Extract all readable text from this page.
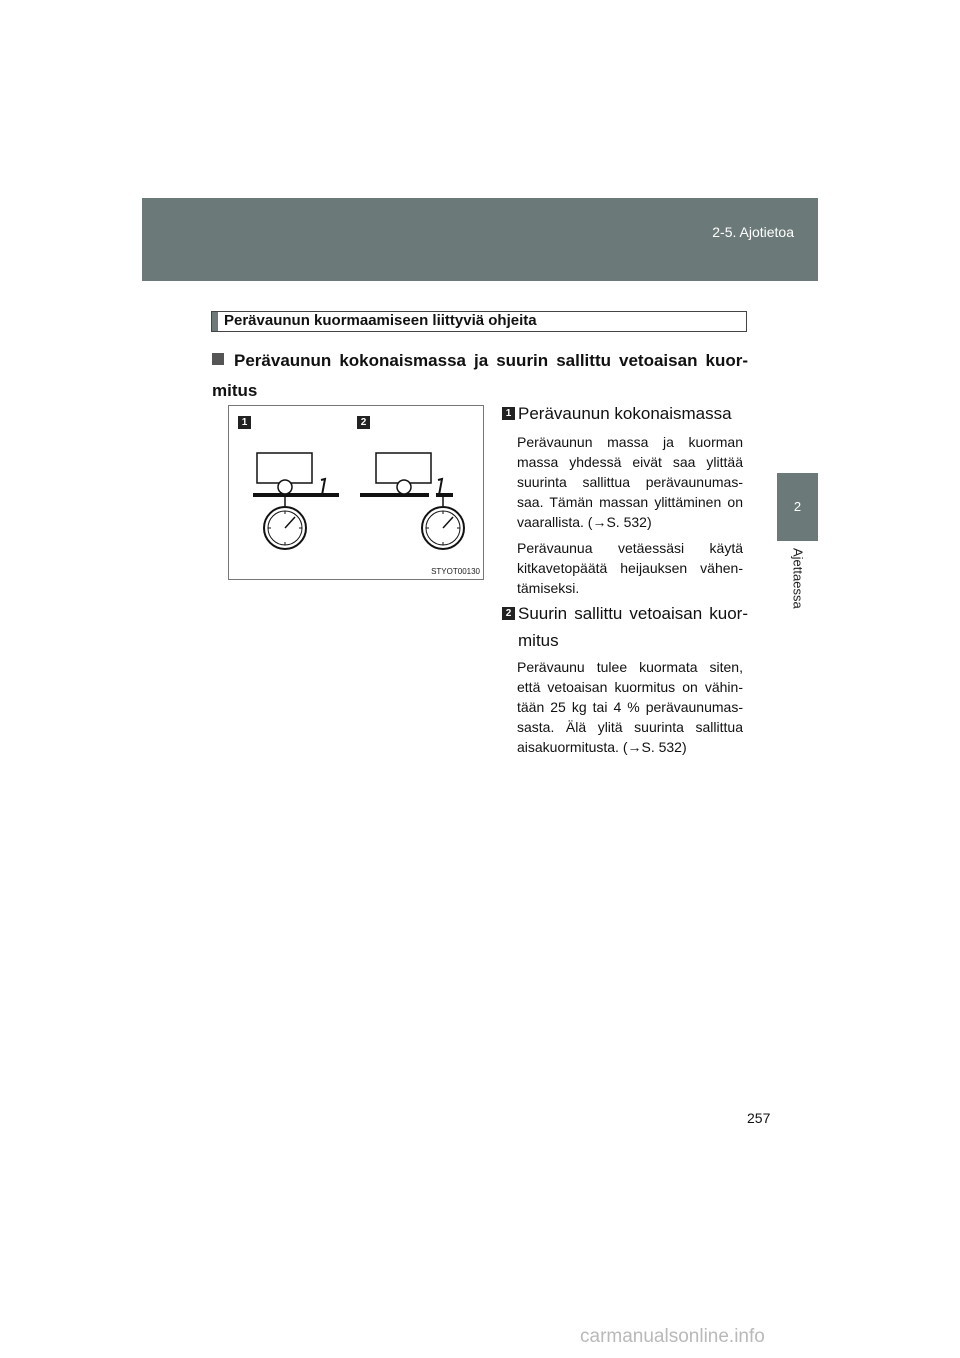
2-5. Ajotietoa
2
Ajettaessa
Perävaunun kuormaamiseen liittyviä ohjeita
Perävaunun kokonaismassa ja suurin sallittu vetoaisan kuor-mitus
1	2
STYOT00130
1 Perävaunun kokonaismassa
Perävaunun massa ja kuorman massa yhdessä eivät saa ylittää suurinta sallittua perävaunumas-saa. Tämän massan ylittäminen on vaarallista. (→S. 532)
Perävaunua vetäessäsi käytä kitkavetopäätä heijauksen vähen-tämiseksi.
2 Suurin sallittu vetoaisan kuor-mitus
Perävaunu tulee kuormata siten, että vetoaisan kuormitus on vähin-tään 25 kg tai 4 % perävaunumas-sasta. Älä ylitä suurinta sallittua aisakuormitusta. (→S. 532)
257
carmanualsonline.info
